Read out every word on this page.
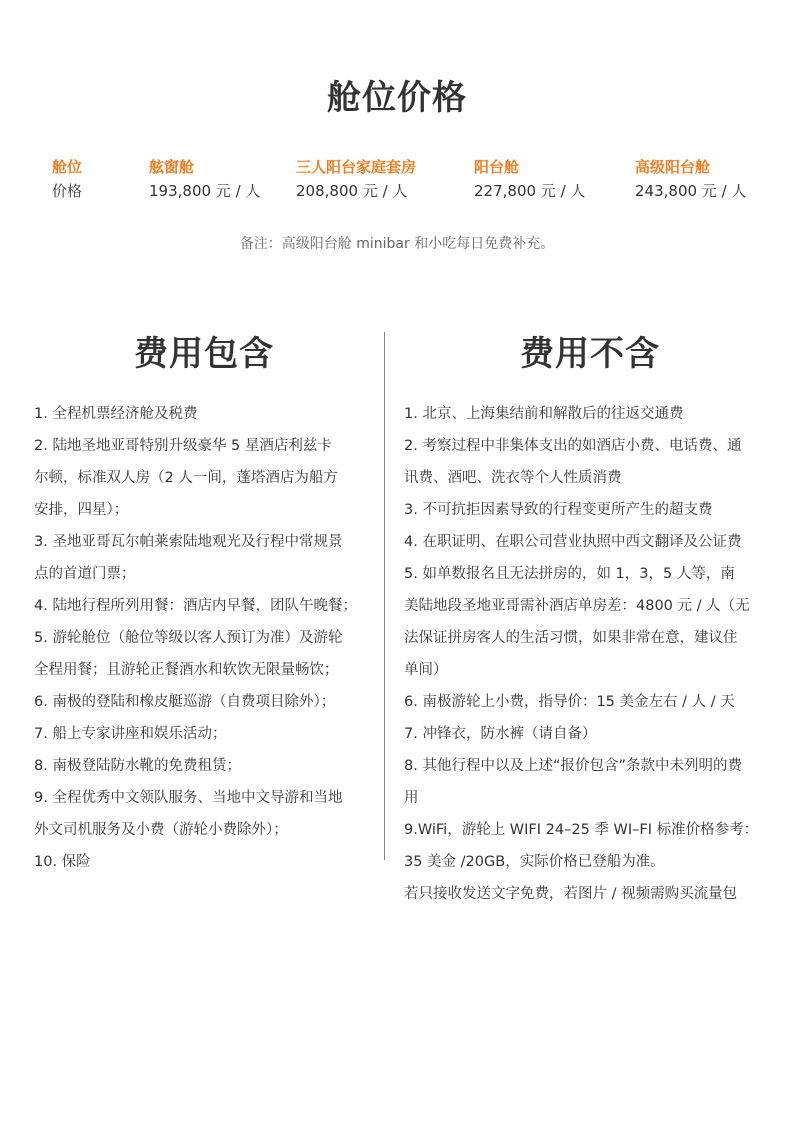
舱位价格
舱位
价格
舷窗舱
193,800 元 / 人
三人阳台家庭套房
208,800 元 / 人
阳台舱
227,800 元 / 人
高级阳台舱
243,800 元 / 人
备注：高级阳台舱 minibar 和小吃每日免费补充。
费用包含
1. 全程机票经济舱及税费
2. 陆地圣地亚哥特别升级豪华 5 星酒店利兹卡
尔顿，标准双人房（2 人一间，蓬塔酒店为船方
安排，四星）；
3. 圣地亚哥瓦尔帕莱索陆地观光及行程中常规景
点的首道门票；
4. 陆地行程所列用餐：酒店内早餐，团队午晚餐；
5. 游轮舱位（舱位等级以客人预订为准）及游轮
全程用餐；且游轮正餐酒水和软饮无限量畅饮；
6. 南极的登陆和橡皮艇巡游（自费项目除外）；
7. 船上专家讲座和娱乐活动；
8. 南极登陆防水靴的免费租赁；
9. 全程优秀中文领队服务、当地中文导游和当地
外文司机服务及小费（游轮小费除外）；
10. 保险
费用不含
1. 北京、上海集结前和解散后的往返交通费
2. 考察过程中非集体支出的如酒店小费、电话费、通
讯费、酒吧、洗衣等个人性质消费
3. 不可抗拒因素导致的行程变更所产生的超支费
4. 在职证明、在职公司营业执照中西文翻译及公证费
5. 如单数报名且无法拼房的，如 1，3，5 人等，南
美陆地段圣地亚哥需补酒店单房差：4800 元 / 人（无
法保证拼房客人的生活习惯，如果非常在意，建议住
单间）
6. 南极游轮上小费，指导价：15 美金左右 / 人 / 天
7. 冲锋衣，防水裤（请自备）
8. 其他行程中以及上述“报价包含”条款中未列明的费
用
9.WiFi，游轮上 WIFI 24–25 季 WI–FI 标准价格参考：
35 美金 /20GB，实际价格已登船为准。
若只接收发送文字免费，若图片 / 视频需购买流量包
